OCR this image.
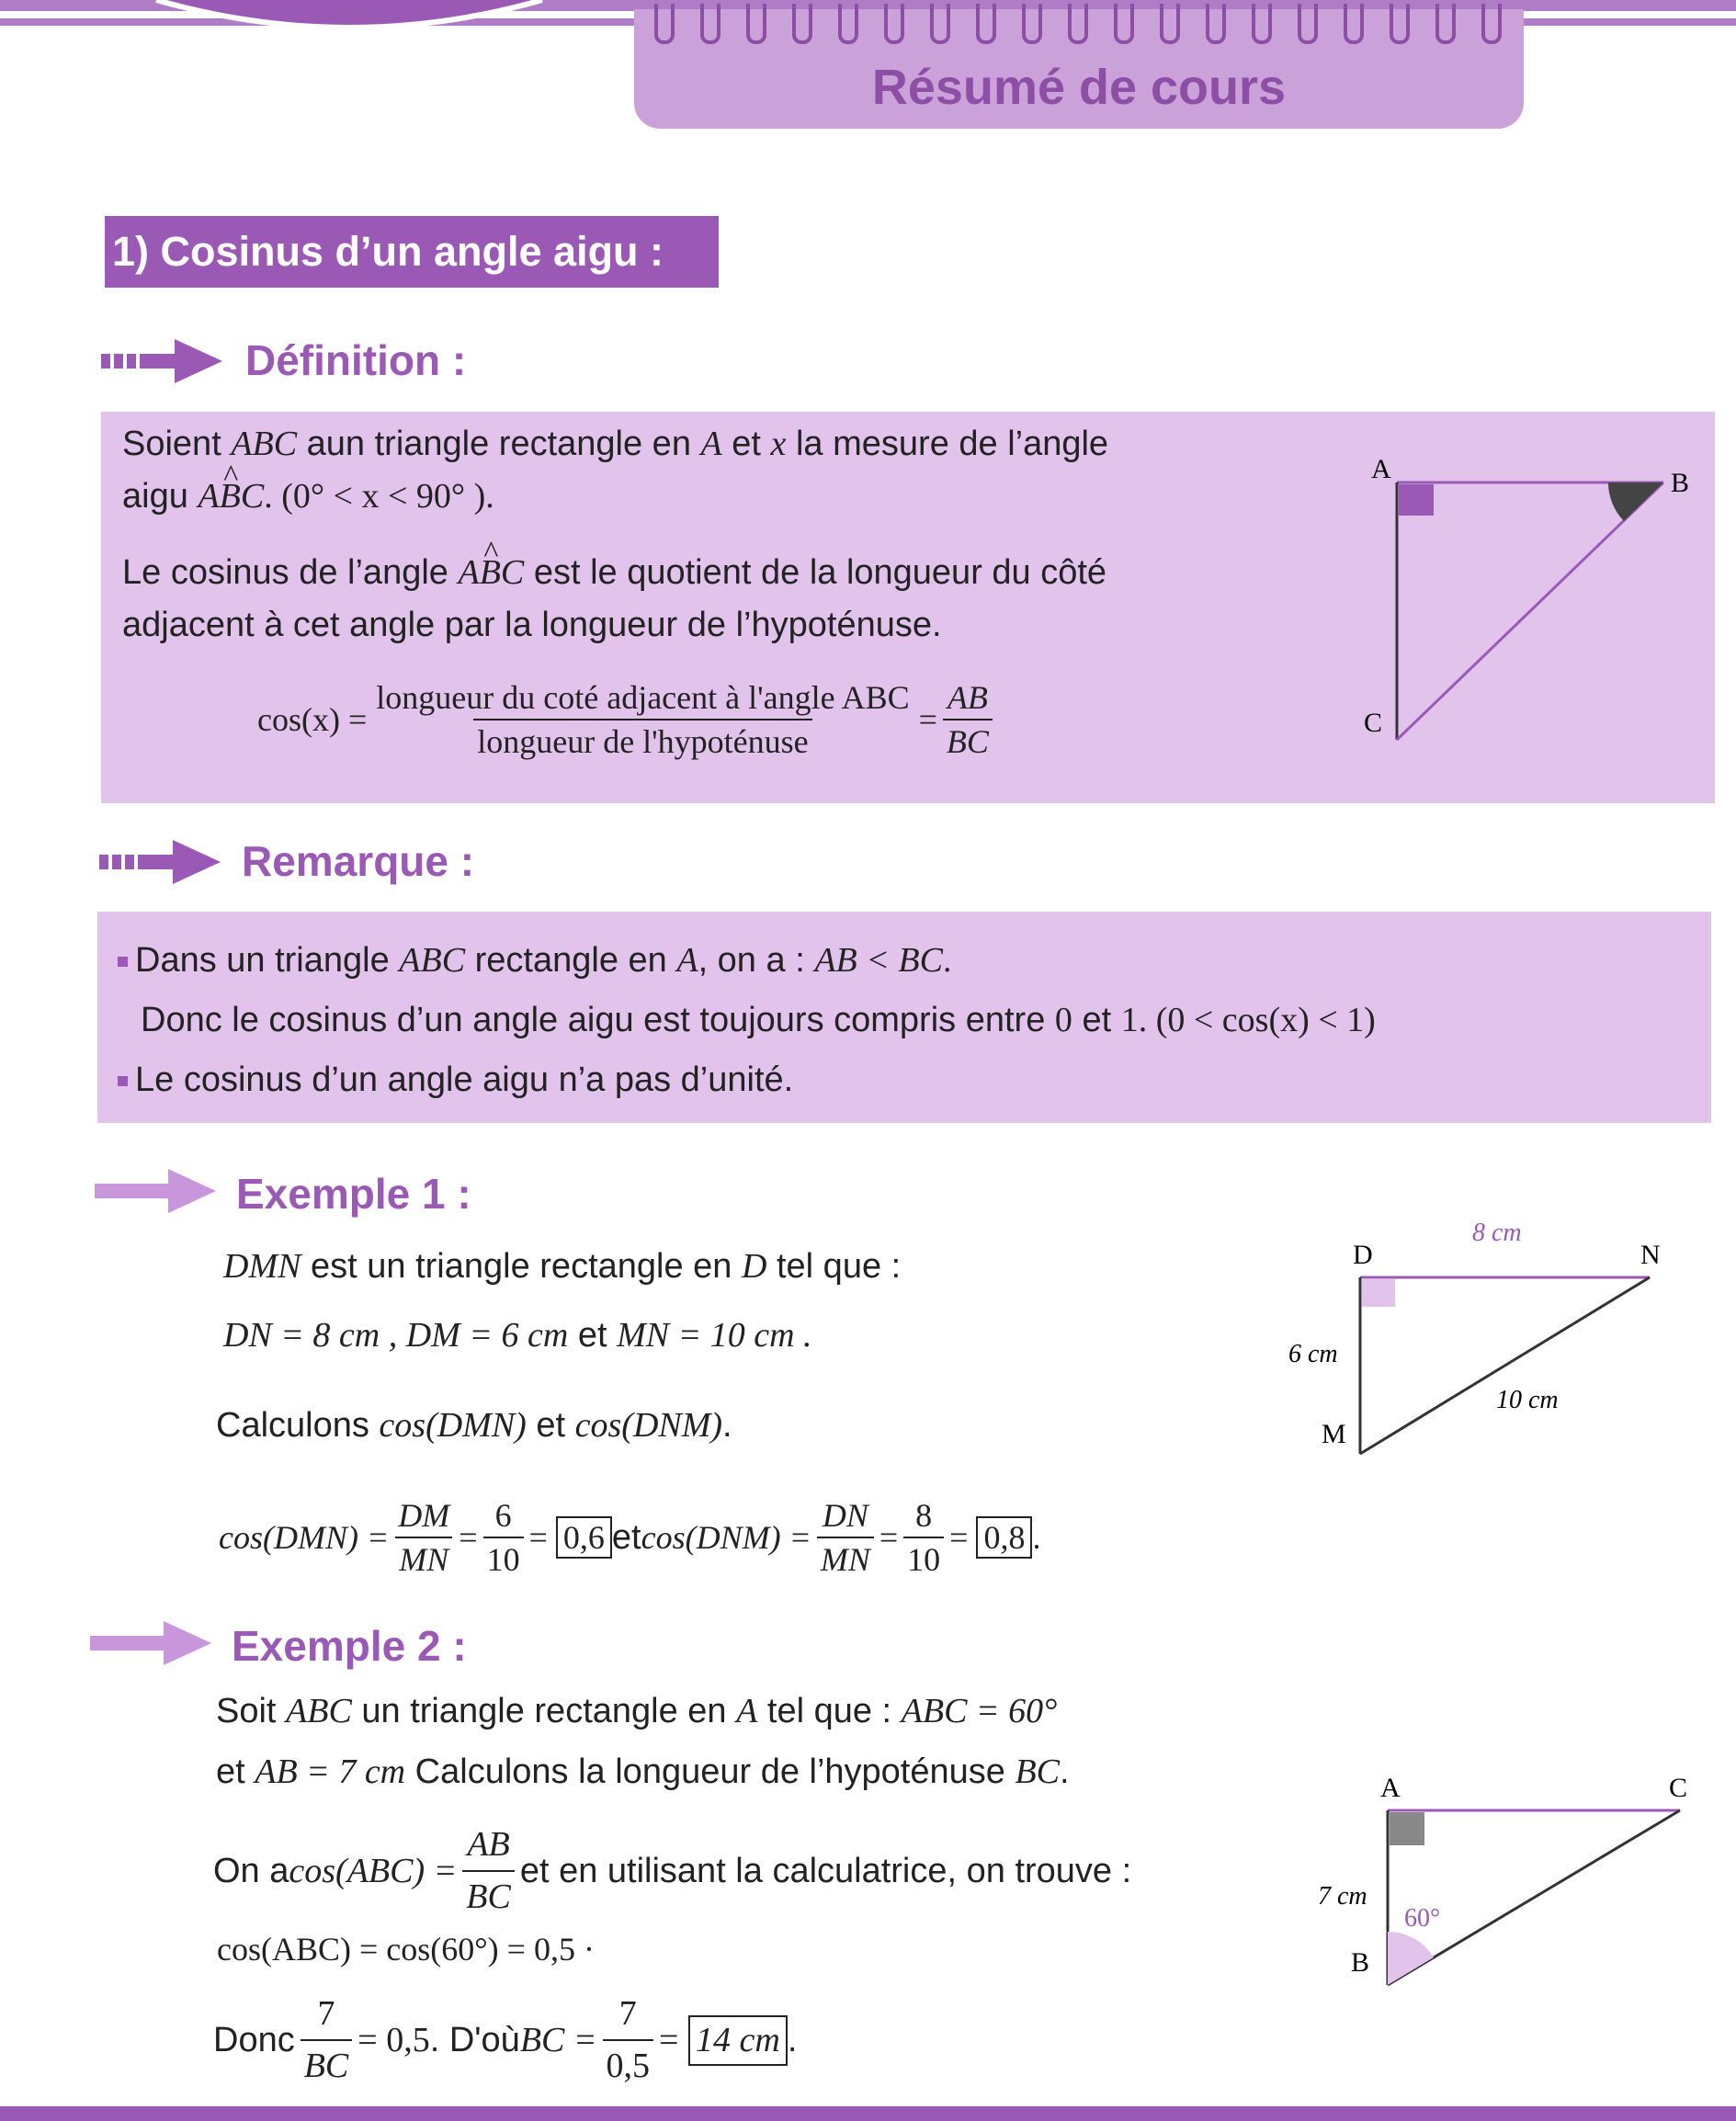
Résumé de cours
1) Cosinus d’un angle aigu :
Définition :
Soient ABC aun triangle rectangle en A et x la mesure de l’angle
aigu ^ ABC. (0° < x < 90° ).
Le cosinus de l’angle ^ ABC est le quotient de la longueur du côté
adjacent à cet angle par la longueur de l’hypoténuse.
$\cos(x) = \frac{\text{longueur du coté adjacent à l'angle ABC}}{\text{longueur de l'hypoténuse}} = \frac{AB}{BC}$
A	B
C
Remarque :
Dans un triangle ABC rectangle en A, on a : AB < BC.
Donc le cosinus d’un angle aigu est toujours compris entre 0 et 1. (0 < cos(x) < 1)
Le cosinus d’un angle aigu n’a pas d’unité.
Exemple 1 :
DMN est un triangle rectangle en D tel que :
DN = 8 cm , DM = 6 cm et MN = 10 cm .
Calculons cos(DMN) et cos(DNM).
$\cos(DMN) = \frac{DM}{MN} = \frac{6}{10}$ =
0,6 et $\cos(DNM) = \frac{DN}{MN} = \frac{8}{10}$ =
0,8 .
D	N
M
8 cm
6 cm
10 cm
Exemple 2 :
Soit ABC un triangle rectangle en A tel que : ABC = 60°
et AB = 7 cm Calculons la longueur de l’hypoténuse BC.
On a $\cos(ABC) = \frac{AB}{BC}$ et en utilisant la calculatrice, on trouve :
cos(ABC) = cos(60°) = 0,5 ·
Donc $\frac{7}{BC} = 0,5$ . D'où BC = $\frac{7}{0,5}$ =
14 cm .
A	C
B
7 cm
60°
